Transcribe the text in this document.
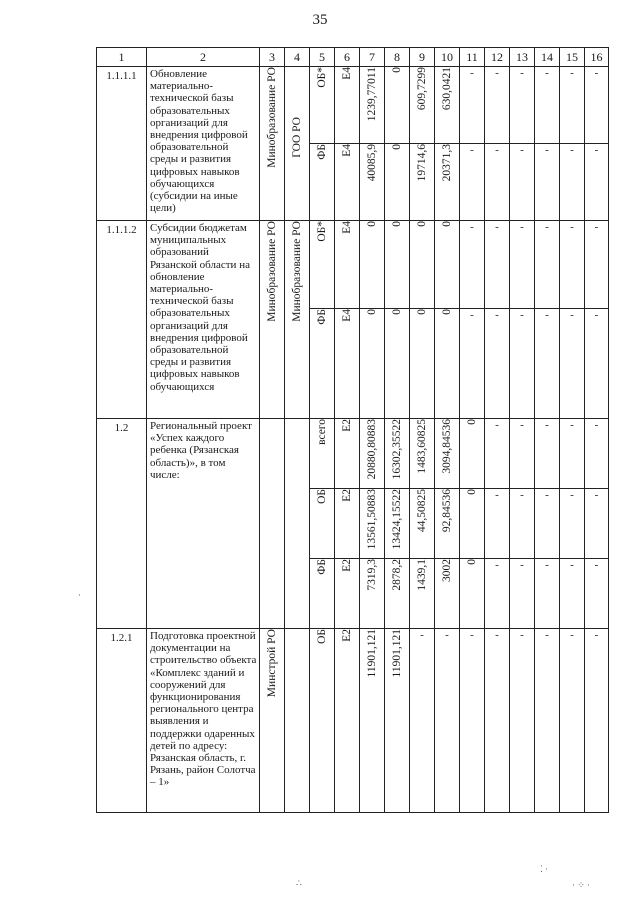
35
1	2	3	4	5	6	7	8	9	10	11	12	13	14	15	16
1.1.1.1	Обновление материально-технической базы образовательных организаций для внедрения цифровой образовательной среды и развития цифровых навыков обучающихся (субсидии на иные цели)	Минобразование РО	ГОО РО	ОБ*	Е4	1239,77011	0	609,7299	630,0421	-	-	-	-	-	-

				ФБ	Е4	40085,9	0	19714,6	20371,3	-	-	-	-	-	-

1.1.1.2	Субсидии бюджетам муниципальных образований Рязанской области на обновление материально-технической базы образовательных организаций для внедрения цифровой образовательной среды и развития цифровых навыков обучающихся	Минобразование РО	Минобразование РО	ОБ*	Е4	0	0	0	0	-	-	-	-	-	-

				ФБ	Е4	0	0	0	0	-	-	-	-	-	-

1.2	Региональный проект «Успех каждого ребенка (Рязанская область)», в том числе:			всего	Е2	20880,80883	16302,35522	1483,60825	3094,84536	0	-	-	-	-	-

				ОБ	Е2	13561,50883	13424,15522	44,50825	92,84536	0	-	-	-	-	-

				ФБ	Е2	7319,3	2878,2	1439,1	3002	0	-	-	-	-	-

1.2.1	Подготовка проектной документации на строительство объекта «Комплекс зданий и сооружений для функционирования регионального центра выявления и поддержки одаренных детей по адресу: Рязанская область, г. Рязань, район Солотча – 1»	Минстрой РО		ОБ	Е2	11901,121	11901,121	-	-	-	-	-	-	-	-
·
∴
⁚ ·
· ⁘ ·
